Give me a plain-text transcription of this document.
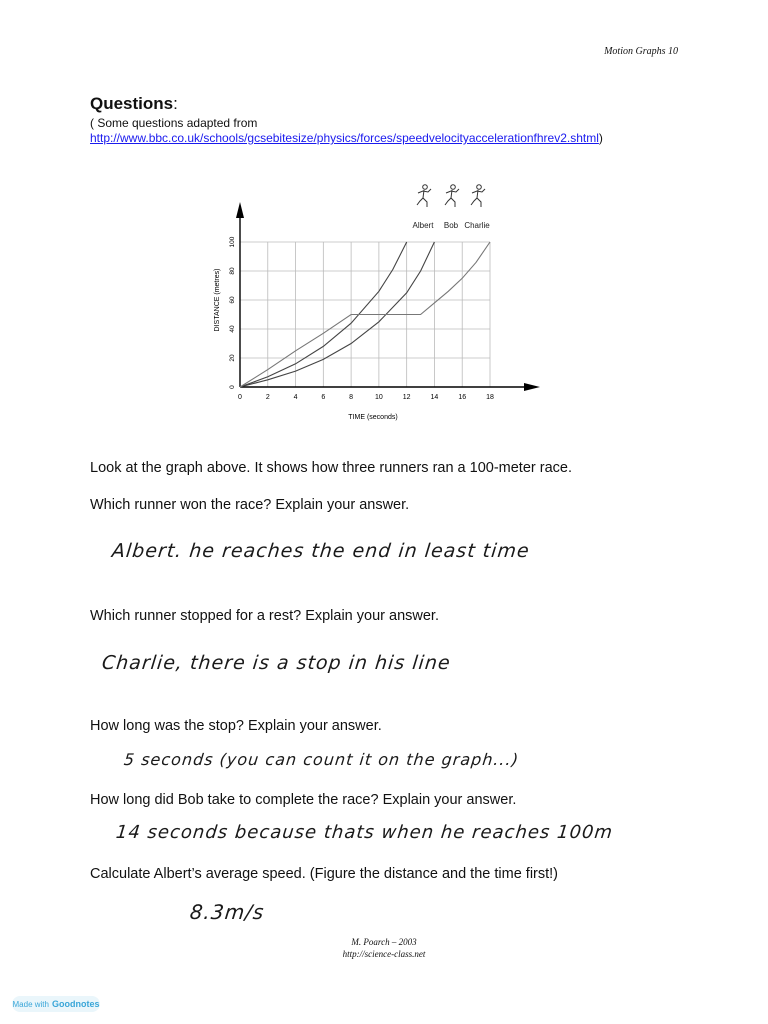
Motion Graphs 10
Questions:
( Some questions adapted from
http://www.bbc.co.uk/schools/gcsebitesize/physics/forces/speedvelocityaccelerationfhrev2.shtml)
0	2	4	6	8	10	12	14	16	18
0
20
40
60
80
100
Albert Bob Charlie
TIME (seconds)
DISTANCE (metres)
Look at the graph above. It shows how three runners ran a 100-meter race.
Which runner won the race? Explain your answer.
Albert. he reaches the end in least time
Which runner stopped for a rest? Explain your answer.
Charlie, there is a stop in his line
How long was the stop? Explain your answer.
5 seconds (you can count it on the graph...)
How long did Bob take to complete the race? Explain your answer.
14 seconds because thats when he reaches 100m
Calculate Albert’s average speed. (Figure the distance and the time first!)
8.3m/s
M. Poarch – 2003
http://science-class.net
Made with Goodnotes
